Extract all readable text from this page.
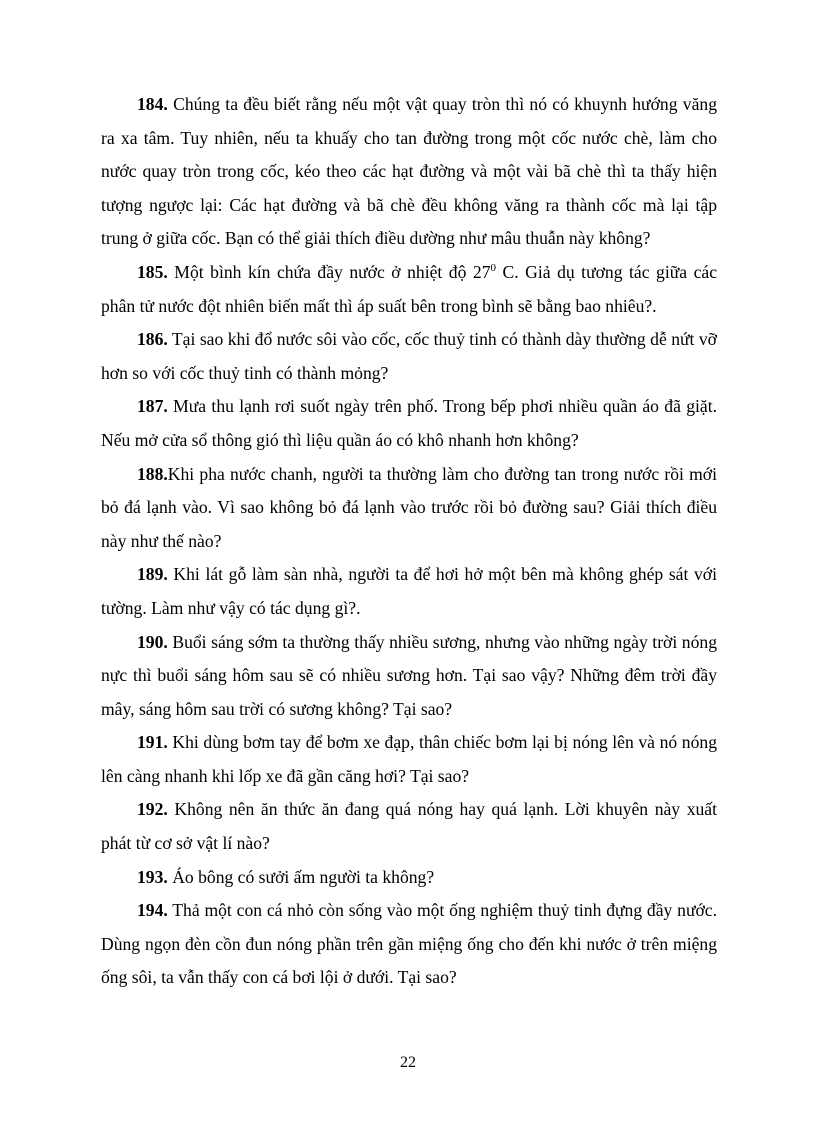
184. Chúng ta đều biết rằng nếu một vật quay tròn thì nó có khuynh hướng văng ra xa tâm. Tuy nhiên, nếu ta khuấy cho tan đường trong một cốc nước chè, làm cho nước quay tròn trong cốc, kéo theo các hạt đường và một vài bã chè thì ta thấy hiện tượng ngược lại: Các hạt đường và bã chè đều không văng ra thành cốc mà lại tập trung ở giữa cốc. Bạn có thể giải thích điều dường như mâu thuẫn này không?

185. Một bình kín chứa đầy nước ở nhiệt độ $27^0$ C. Giả dụ tương tác giữa các phân tử nước đột nhiên biến mất thì áp suất bên trong bình sẽ bằng bao nhiêu?.

186. Tại sao khi đổ nước sôi vào cốc, cốc thuỷ tinh có thành dày thường dễ nứt vỡ hơn so với cốc thuỷ tinh có thành mỏng?

187. Mưa thu lạnh rơi suốt ngày trên phố. Trong bếp phơi nhiều quần áo đã giặt. Nếu mở cửa sổ thông gió thì liệu quần áo có khô nhanh hơn không?

188.Khi pha nước chanh, người ta thường làm cho đường tan trong nước rồi mới bỏ đá lạnh vào. Vì sao không bỏ đá lạnh vào trước rồi bỏ đường sau? Giải thích điều này như thế nào?

189. Khi lát gỗ làm sàn nhà, người ta để hơi hở một bên mà không ghép sát với tường. Làm như vậy có tác dụng gì?.

190. Buổi sáng sớm ta thường thấy nhiều sương, nhưng vào những ngày trời nóng nực thì buổi sáng hôm sau sẽ có nhiều sương hơn. Tại sao vậy? Những đêm trời đầy mây, sáng hôm sau trời có sương không? Tại sao?

191. Khi dùng bơm tay để bơm xe đạp, thân chiếc bơm lại bị nóng lên và nó nóng lên càng nhanh khi lốp xe đã gần căng hơi? Tại sao?

192. Không nên ăn thức ăn đang quá nóng hay quá lạnh. Lời khuyên này xuất phát từ cơ sở vật lí nào?

193. Áo bông có sưởi ấm người ta không?

194. Thả một con cá nhỏ còn sống vào một ống nghiệm thuỷ tinh đựng đầy nước. Dùng ngọn đèn cồn đun nóng phần trên gần miệng ống cho đến khi nước ở trên miệng ống sôi, ta vẫn thấy con cá bơi lội ở dưới. Tại sao?

22
